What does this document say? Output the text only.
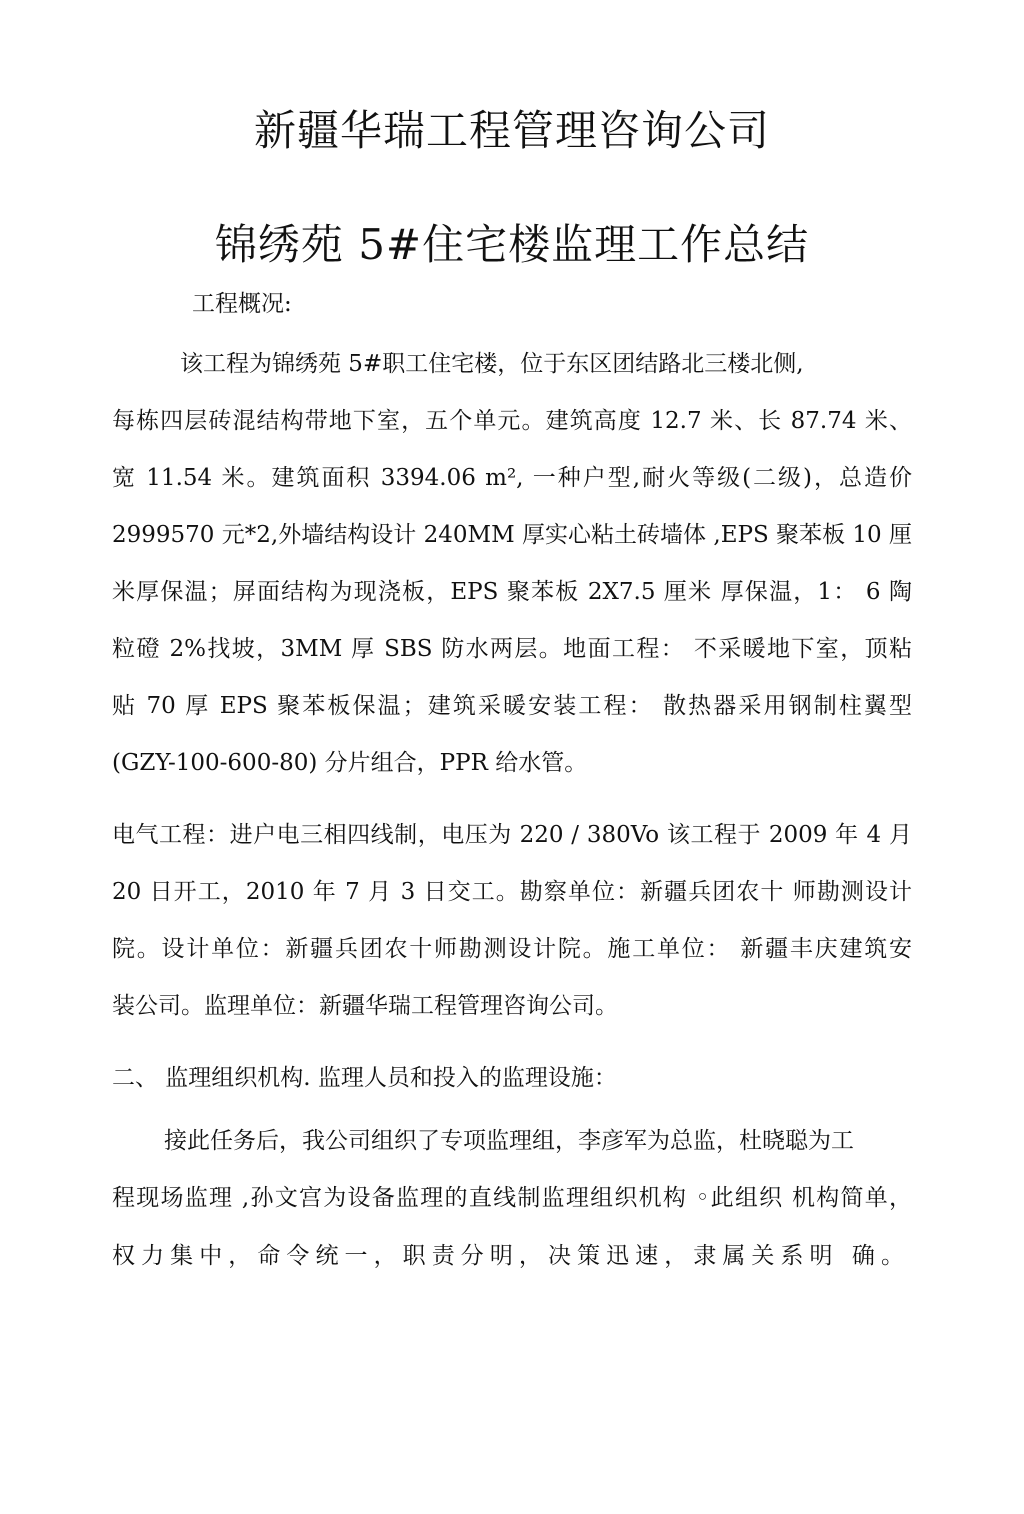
新疆华瑞工程管理咨询公司
锦绣苑 5#住宅楼监理工作总结
工程概况:
该工程为锦绣苑 5#职工住宅楼，位于东区团结路北三楼北侧,
每栋四层砖混结构带地下室，五个单元。建筑高度 12.7 米、长 87.74 米、
宽 11.54 米。建筑面积 3394.06 m², 一种户型,耐火等级(二级)，总造价
2999570 元*2,外墙结构设计 240MM 厚实心粘土砖墙体 ,EPS 聚苯板 10 厘
米厚保温；屏面结构为现浇板，EPS 聚苯板 2X7.5 厘米 厚保温，1： 6 陶
粒磴 2%找坡，3MM 厚 SBS 防水两层。地面工程： 不采暖地下室，顶粘
贴 70 厚 EPS 聚苯板保温；建筑采暖安装工程： 散热器采用钢制柱翼型
(GZY-100-600-80) 分片组合，PPR 给水管。
电气工程：进户电三相四线制，电压为 220 / 380Vo 该工程于 2009 年 4 月
20 日开工，2010 年 7 月 3 日交工。勘察单位：新疆兵团农十 师勘测设计
院。设计单位：新疆兵团农十师勘测设计院。施工单位： 新疆丰庆建筑安
装公司。监理单位：新疆华瑞工程管理咨询公司。
二、 监理组织机构. 监理人员和投入的监理设施：
接此任务后，我公司组织了专项监理组，李彦军为总监，杜晓聪为工
程现场监理 ,孙文宫为设备监理的直线制监理组织机构 ◦此组织 机构简单，
权力集中，命令统一，职责分明，决策迅速，隶属关系明 确。
